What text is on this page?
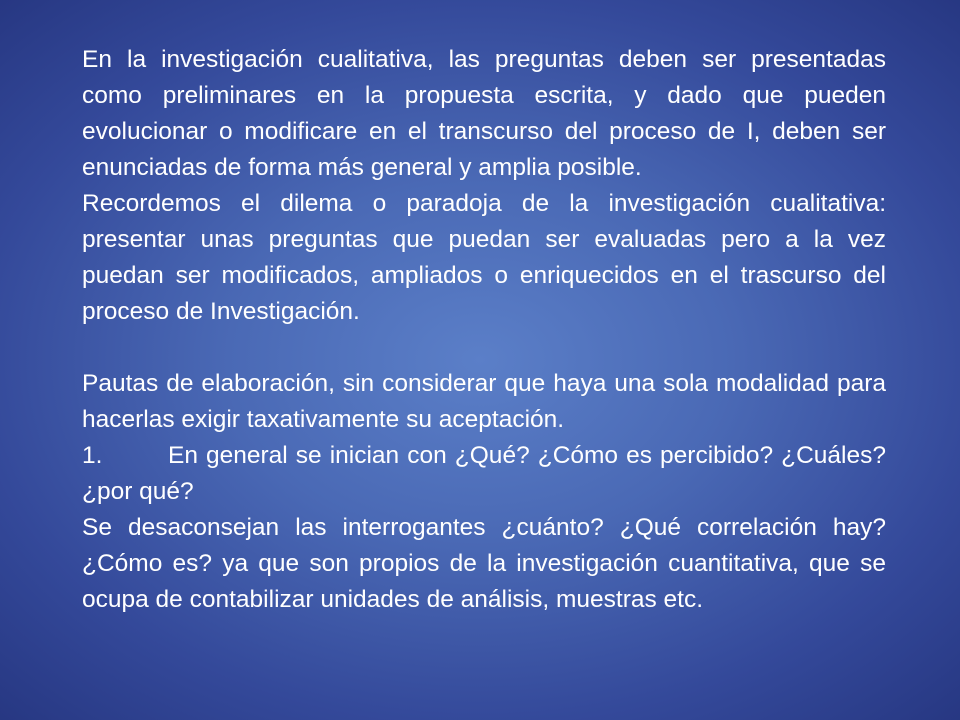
En la investigación cualitativa, las preguntas deben ser presentadas como preliminares en la propuesta escrita, y dado que pueden evolucionar o modificare en el transcurso del proceso de I, deben ser enunciadas de forma más general y amplia posible.

Recordemos el dilema o paradoja de la investigación cualitativa: presentar unas preguntas que puedan ser evaluadas pero a la vez puedan ser modificados, ampliados o enriquecidos en el trascurso del proceso de Investigación.

Pautas de elaboración, sin considerar que haya una sola modalidad para hacerlas exigir taxativamente su aceptación.

1.	En general se inician con ¿Qué? ¿Cómo es percibido? ¿Cuáles? ¿por qué?

Se desaconsejan las interrogantes ¿cuánto? ¿Qué correlación hay? ¿Cómo es? ya que son propios de la investigación cuantitativa, que se ocupa de contabilizar unidades de análisis, muestras etc.
